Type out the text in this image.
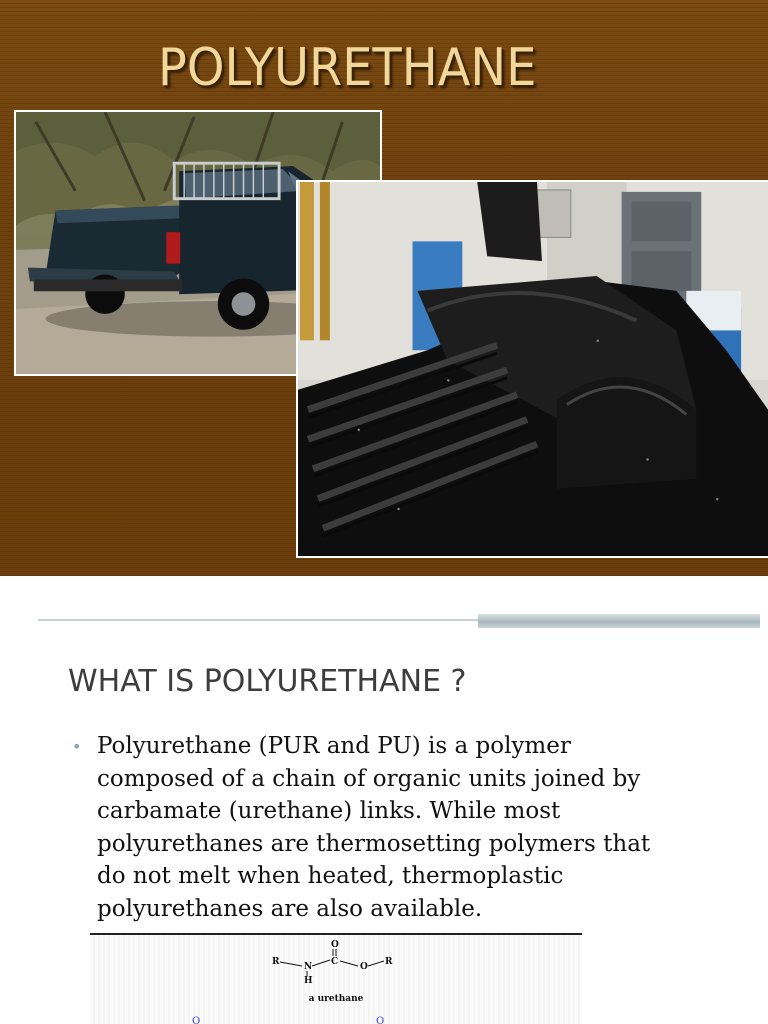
POLYURETHANE
WHAT IS POLYURETHANE ?
• Polyurethane (PUR and PU) is a polymer
composed of a chain of organic units joined by
carbamate (urethane) links. While most
polyurethanes are thermosetting polymers that
do not melt when heated, thermoplastic
polyurethanes are also available.
R	N
H
C
O
O R
a urethane
O	O
